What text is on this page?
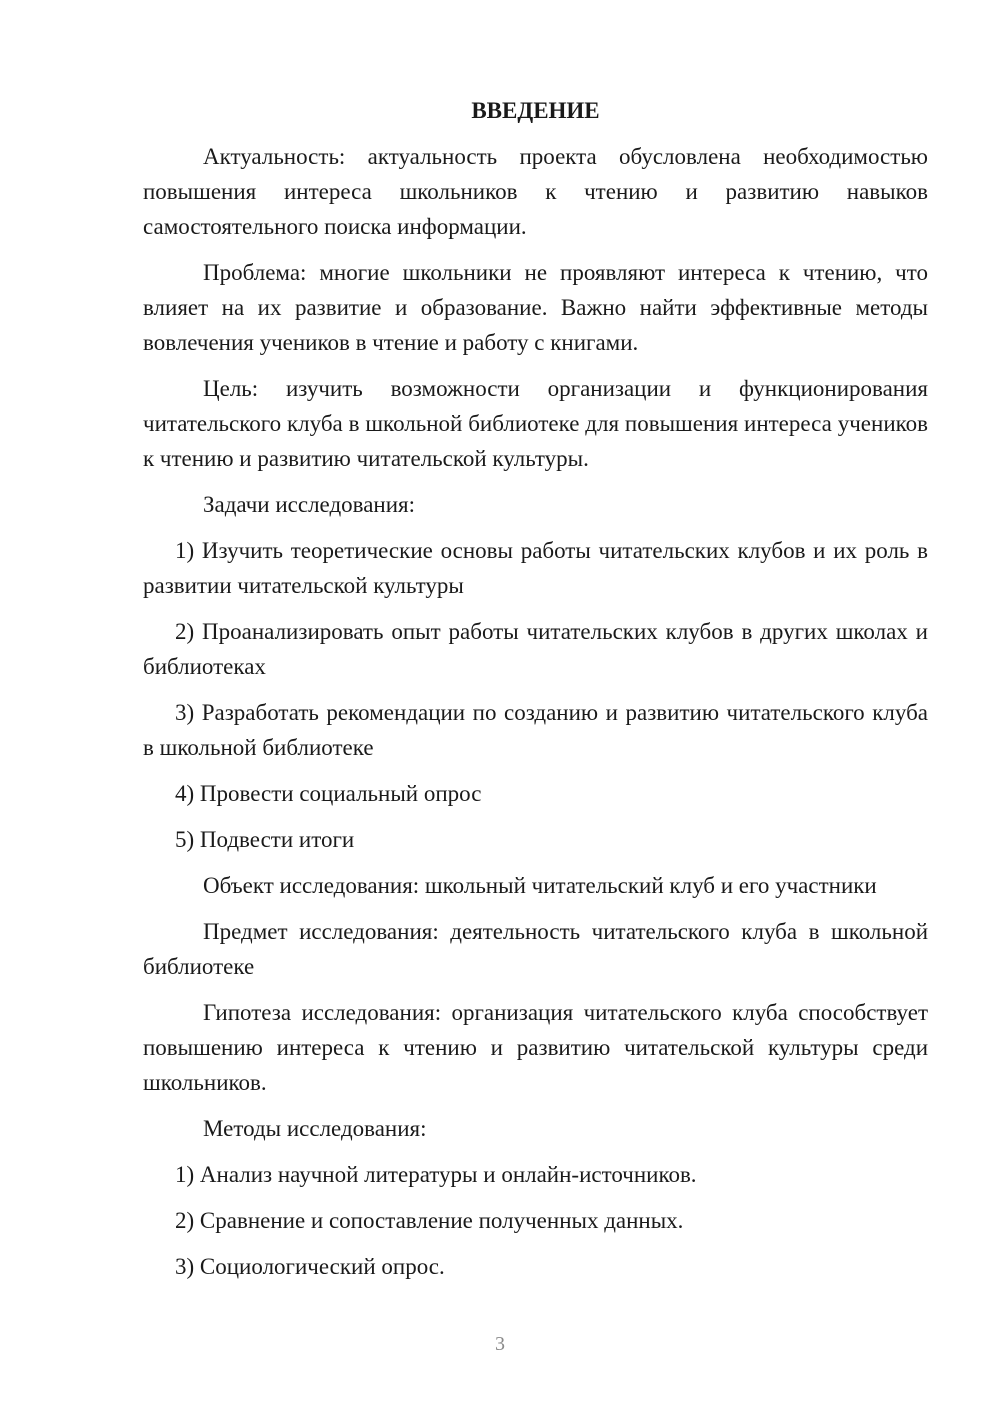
ВВЕДЕНИЕ
Актуальность: актуальность проекта обусловлена необходимостью повышения интереса школьников к чтению и развитию навыков самостоятельного поиска информации.
Проблема: многие школьники не проявляют интереса к чтению, что влияет на их развитие и образование. Важно найти эффективные методы вовлечения учеников в чтение и работу с книгами.
Цель: изучить возможности организации и функционирования читательского клуба в школьной библиотеке для повышения интереса учеников к чтению и развитию читательской культуры.
Задачи исследования:
1) Изучить теоретические основы работы читательских клубов и их роль в развитии читательской культуры
2) Проанализировать опыт работы читательских клубов в других школах и библиотеках
3) Разработать рекомендации по созданию и развитию читательского клуба в школьной библиотеке
4) Провести социальный опрос
5) Подвести итоги
Объект исследования: школьный читательский клуб и его участники
Предмет исследования: деятельность читательского клуба в школьной библиотеке
Гипотеза исследования: организация читательского клуба способствует повышению интереса к чтению и развитию читательской культуры среди школьников.
Методы исследования:
1) Анализ научной литературы и онлайн-источников.
2) Сравнение и сопоставление полученных данных.
3) Социологический опрос.
3
